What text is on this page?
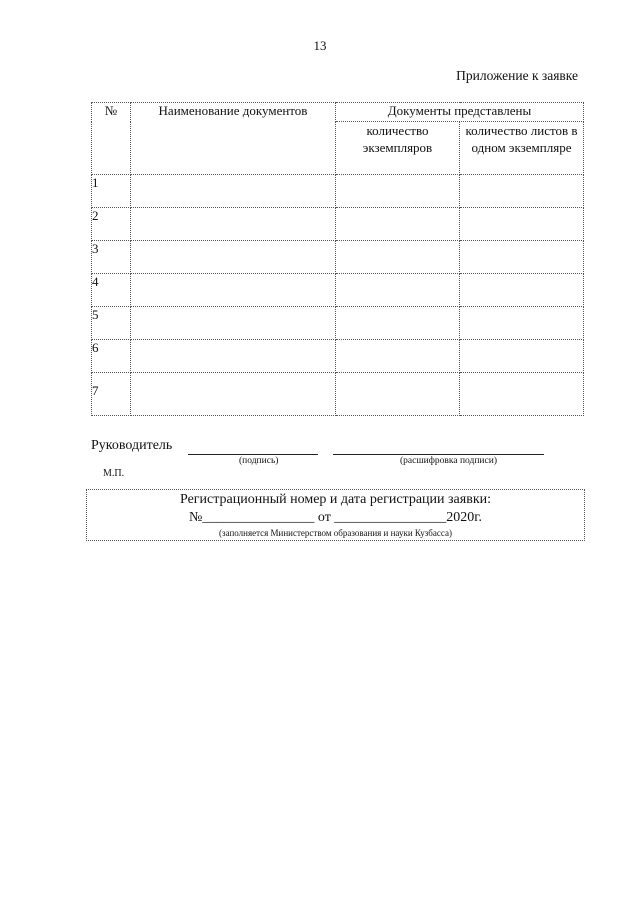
13
Приложение к заявке
№	Наименование документов	Документы представлены	
		количество экземпляров	количество листов в одном экземпляре
1			
2			
3			
4			
5			
6			
7			
Руководитель
(подпись)	(расшифровка подписи)
М.П.
Регистрационный номер и дата регистрации заявки:
№________________ от ________________2020г.
(заполняется Министерством образования и науки Кузбасса)
